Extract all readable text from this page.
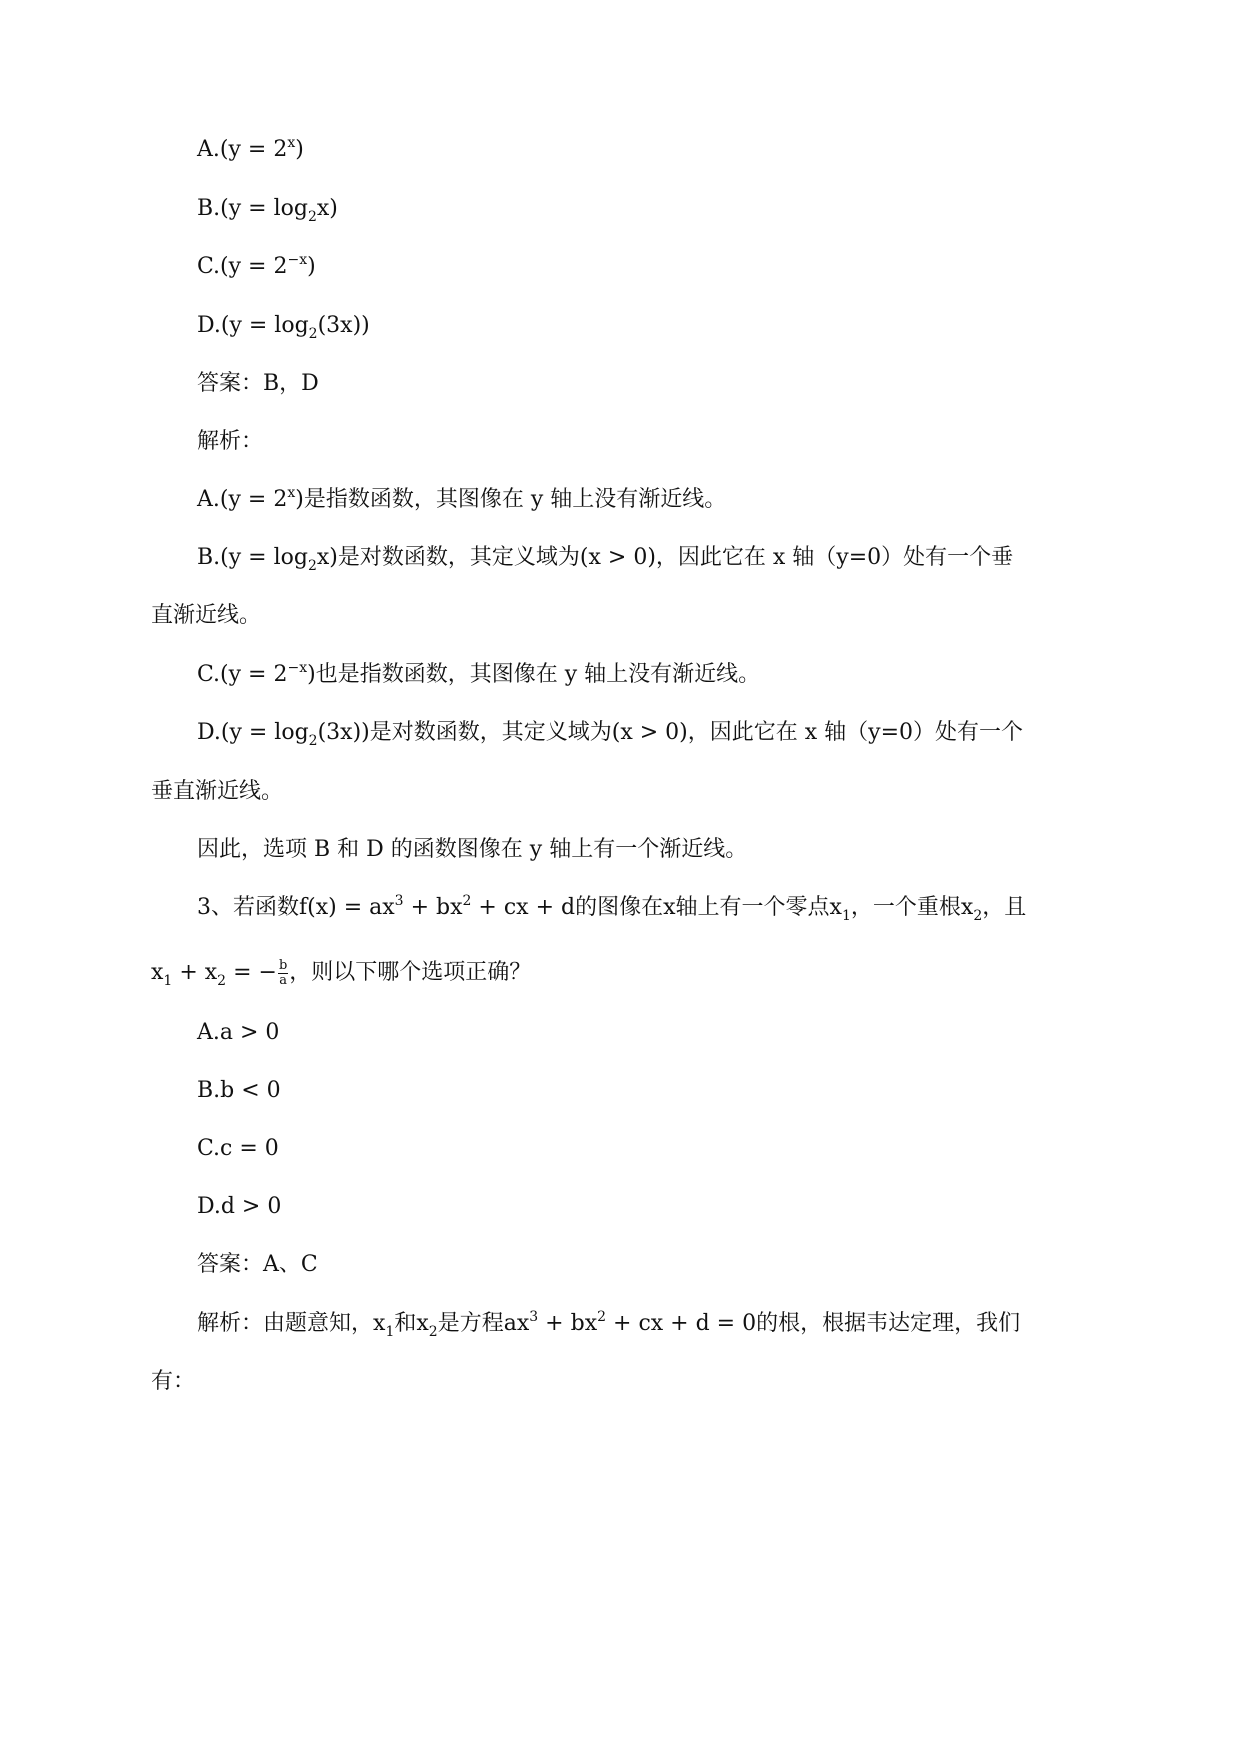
$A.(y = 2^x)$
$B.(y = \log_2x)$
$C.(y = 2^{-x})$
$D.(y = \log_2(3x))$
答案：B，D
解析：
$A.(y = 2^x)$是指数函数，其图像在 y 轴上没有渐近线。
$B.(y = \log_2x)$是对数函数，其定义域为(x > 0)，因此它在 x 轴（y=0）处有一个垂
直渐近线。
$C.(y = 2^{-x})$也是指数函数，其图像在 y 轴上没有渐近线。
$D.(y = \log_2(3x))$是对数函数，其定义域为(x > 0)，因此它在 x 轴（y=0）处有一个
垂直渐近线。
因此，选项 B 和 D 的函数图像在 y 轴上有一个渐近线。
3、若函数$f(x) = ax^3 + bx^2$ + cx + d的图像在x轴上有一个零点$x_1$，一个重根$x_2$，且
$x_1 + x_2$ = − $\frac{b}{a}$ ，则以下哪个选项正确？
A.a > 0
B.b < 0
C.c = 0
D.d > 0
答案：A、C
解析：由题意知，$x_1$和$x_2$是方程$ax^3 + bx^2$ + cx + d = 0的根，根据韦达定理，我们
有：
